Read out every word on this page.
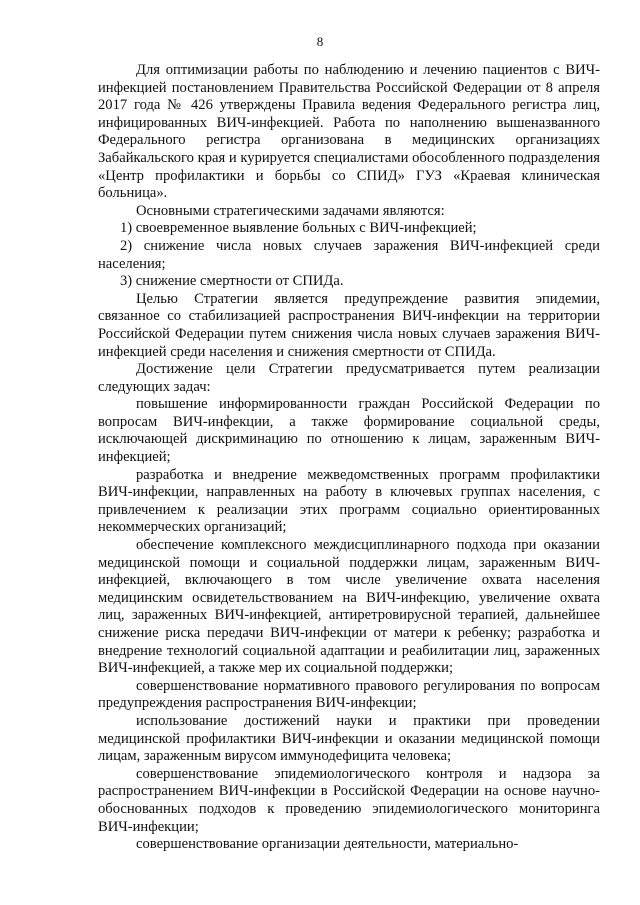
8

Для оптимизации работы по наблюдению и лечению пациентов с ВИЧ-инфекцией постановлением Правительства Российской Федерации от 8 апреля 2017 года № 426 утверждены Правила ведения Федерального регистра лиц, инфицированных ВИЧ-инфекцией. Работа по наполнению вышеназванного Федерального регистра организована в медицинских организациях Забайкальского края и курируется специалистами обособленного подразделения «Центр профилактики и борьбы со СПИД» ГУЗ «Краевая клиническая больница».

Основными стратегическими задачами являются:

1) своевременное выявление больных с ВИЧ-инфекцией;

2) снижение числа новых случаев заражения ВИЧ-инфекцией среди населения;

3) снижение смертности от СПИДа.

Целью Стратегии является предупреждение развития эпидемии, связанное со стабилизацией распространения ВИЧ-инфекции на территории Российской Федерации путем снижения числа новых случаев заражения ВИЧ-инфекцией среди населения и снижения смертности от СПИДа.

Достижение цели Стратегии предусматривается путем реализации следующих задач:

повышение информированности граждан Российской Федерации по вопросам ВИЧ-инфекции, а также формирование социальной среды, исключающей дискриминацию по отношению к лицам, зараженным ВИЧ-инфекцией;

разработка и внедрение межведомственных программ профилактики ВИЧ-инфекции, направленных на работу в ключевых группах населения, с привлечением к реализации этих программ социально ориентированных некоммерческих организаций;

обеспечение комплексного междисциплинарного подхода при оказании медицинской помощи и социальной поддержки лицам, зараженным ВИЧ-инфекцией, включающего в том числе увеличение охвата населения медицинским освидетельствованием на ВИЧ-инфекцию, увеличение охвата лиц, зараженных ВИЧ-инфекцией, антиретровирусной терапией, дальнейшее снижение риска передачи ВИЧ-инфекции от матери к ребенку; разработка и внедрение технологий социальной адаптации и реабилитации лиц, зараженных ВИЧ-инфекцией, а также мер их социальной поддержки;

совершенствование нормативного правового регулирования по вопросам предупреждения распространения ВИЧ-инфекции;

использование достижений науки и практики при проведении медицинской профилактики ВИЧ-инфекции и оказании медицинской помощи лицам, зараженным вирусом иммунодефицита человека;

совершенствование эпидемиологического контроля и надзора за распространением ВИЧ-инфекции в Российской Федерации на основе научно-обоснованных подходов к проведению эпидемиологического мониторинга ВИЧ-инфекции;

совершенствование организации деятельности, материально-
